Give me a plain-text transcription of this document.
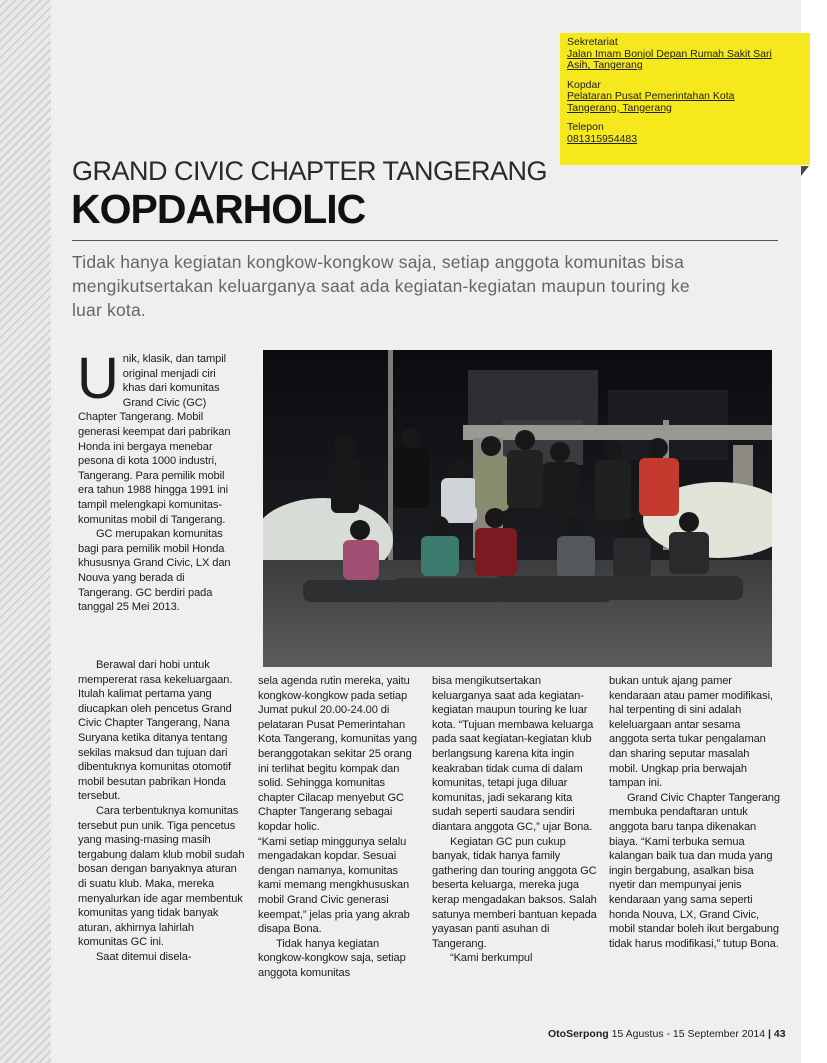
Sekretariat

Jalan Imam Bonjol Depan Rumah Sakit Sari
Asih, Tangerang

Kopdar

Pelataran Pusat Pemerintahan Kota
Tangerang, Tangerang

Telepon

081315954483

GRAND CIVIC CHAPTER TANGERANG
KOPDARHOLIC
Tidak hanya kegiatan kongkow-kongkow saja, setiap anggota komunitas bisa mengikutsertakan keluarganya saat ada kegiatan-kegiatan maupun touring ke luar kota.
U nik, klasik, dan tampil original menjadi ciri khas dari komunitas Grand Civic (GC) Chapter Tangerang. Mobil generasi keempat dari pabrikan Honda ini bergaya menebar pesona di kota 1000 industri, Tangerang. Para pemilik mobil era tahun 1988 hingga 1991 ini tampil melengkapi komunitas-komunitas mobil di Tangerang.

GC merupakan komunitas bagi para pemilik mobil Honda khususnya Grand Civic, LX dan Nouva yang berada di Tangerang. GC berdiri pada tanggal 25 Mei 2013.

Berawal dari hobi untuk mempererat rasa kekeluargaan. Itulah kalimat pertama yang diucapkan oleh pencetus Grand Civic Chapter Tangerang, Nana Suryana ketika ditanya tentang sekilas maksud dan tujuan dari dibentuknya komunitas otomotif mobil besutan pabrikan Honda tersebut.

Cara terbentuknya komunitas tersebut pun unik. Tiga pencetus yang masing-masing masih tergabung dalam klub mobil sudah bosan dengan banyaknya aturan di suatu klub. Maka, mereka menyalurkan ide agar membentuk komunitas yang tidak banyak aturan, akhirnya lahirlah komunitas GC ini.

Saat ditemui disela-

sela agenda rutin mereka, yaitu kongkow-kongkow pada setiap Jumat pukul 20.00-24.00 di pelataran Pusat Pemerintahan Kota Tangerang, komunitas yang beranggotakan sekitar 25 orang ini terlihat begitu kompak dan solid. Sehingga komunitas chapter Cilacap menyebut GC Chapter Tangerang sebagai kopdar holic.

“Kami setiap minggunya selalu mengadakan kopdar. Sesuai dengan namanya, komunitas kami memang mengkhususkan mobil Grand Civic generasi keempat,” jelas pria yang akrab disapa Bona.

Tidak hanya kegiatan kongkow-kongkow saja, setiap anggota komunitas

bisa mengikutsertakan keluarganya saat ada kegiatan-kegiatan maupun touring ke luar kota. “Tujuan membawa keluarga pada saat kegiatan-kegiatan klub berlangsung karena kita ingin keakraban tidak cuma di dalam komunitas, tetapi juga diluar komunitas, jadi sekarang kita sudah seperti saudara sendiri diantara anggota GC,” ujar Bona.

Kegiatan GC pun cukup banyak, tidak hanya family gathering dan touring anggota GC beserta keluarga, mereka juga kerap mengadakan baksos. Salah satunya memberi bantuan kepada yayasan panti asuhan di Tangerang.

“Kami berkumpul

bukan untuk ajang pamer kendaraan atau pamer modifikasi, hal terpenting di sini adalah keleluargaan antar sesama anggota serta tukar pengalaman dan sharing seputar masalah mobil. Ungkap pria berwajah tampan ini.

Grand Civic Chapter Tangerang membuka pendaftaran untuk anggota baru tanpa dikenakan biaya. “Kami terbuka semua kalangan baik tua dan muda yang ingin bergabung, asalkan bisa nyetir dan mempunyai jenis kendaraan yang sama seperti honda Nouva, LX, Grand Civic, mobil standar boleh ikut bergabung tidak harus modifikasi,” tutup Bona.

OtoSerpong 15 Agustus - 15 September 2014 | 43
